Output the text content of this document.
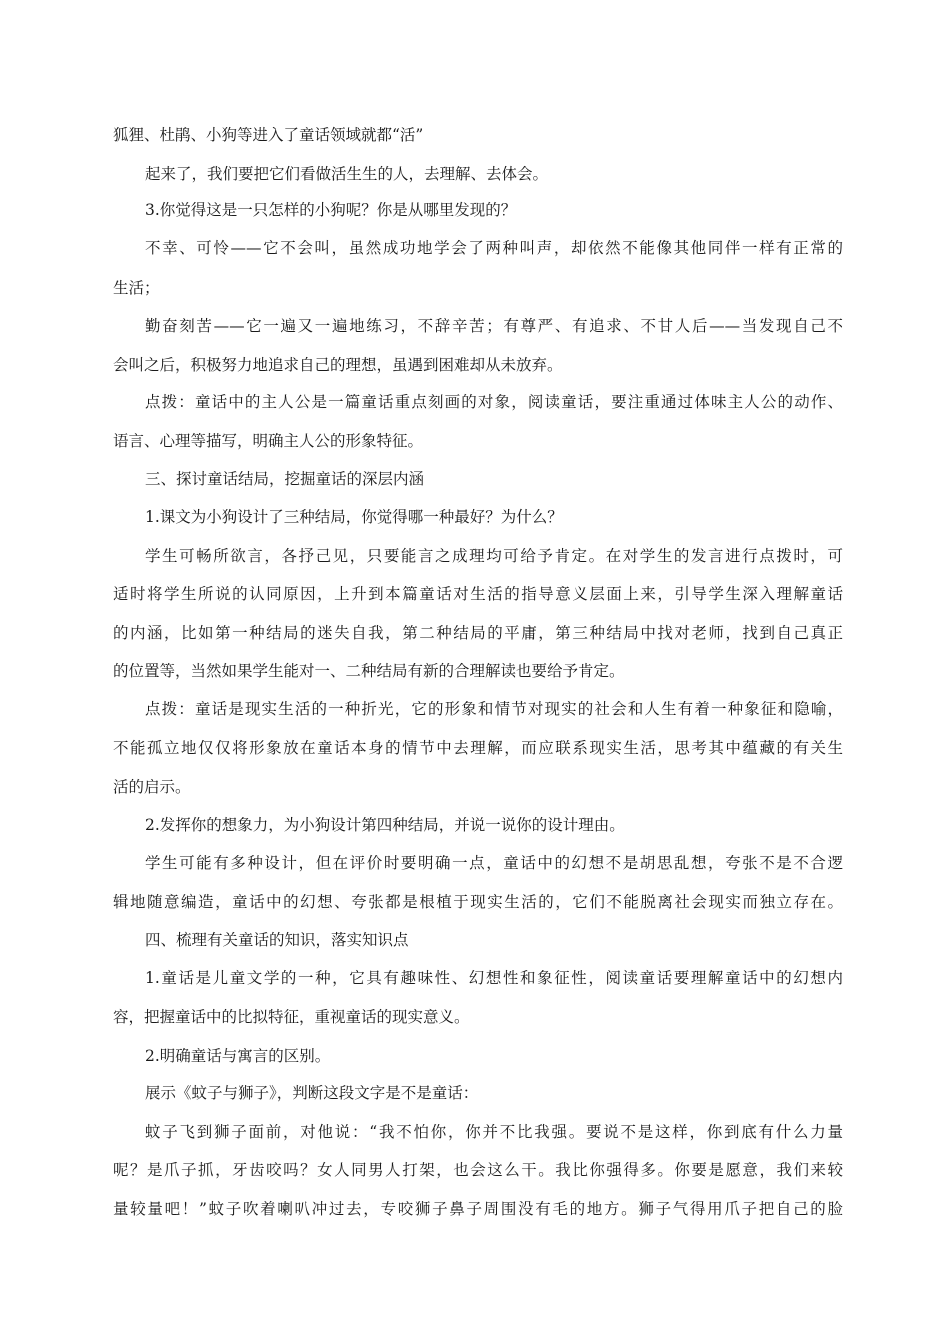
狐狸、杜鹃、小狗等进入了童话领域就都“活”
起来了，我们要把它们看做活生生的人，去理解、去体会。
3.你觉得这是一只怎样的小狗呢？你是从哪里发现的？
不幸、可怜——它不会叫，虽然成功地学会了两种叫声，却依然不能像其他同伴一样有正常的
生活；
勤奋刻苦——它一遍又一遍地练习，不辞辛苦；有尊严、有追求、不甘人后——当发现自己不
会叫之后，积极努力地追求自己的理想，虽遇到困难却从未放弃。
点拨：童话中的主人公是一篇童话重点刻画的对象，阅读童话，要注重通过体味主人公的动作、
语言、心理等描写，明确主人公的形象特征。
三、探讨童话结局，挖掘童话的深层内涵
1.课文为小狗设计了三种结局，你觉得哪一种最好？为什么？
学生可畅所欲言，各抒己见，只要能言之成理均可给予肯定。在对学生的发言进行点拨时，可
适时将学生所说的认同原因，上升到本篇童话对生活的指导意义层面上来，引导学生深入理解童话
的内涵，比如第一种结局的迷失自我，第二种结局的平庸，第三种结局中找对老师，找到自己真正
的位置等，当然如果学生能对一、二种结局有新的合理解读也要给予肯定。
点拨：童话是现实生活的一种折光，它的形象和情节对现实的社会和人生有着一种象征和隐喻，
不能孤立地仅仅将形象放在童话本身的情节中去理解，而应联系现实生活，思考其中蕴藏的有关生
活的启示。
2.发挥你的想象力，为小狗设计第四种结局，并说一说你的设计理由。
学生可能有多种设计，但在评价时要明确一点，童话中的幻想不是胡思乱想，夸张不是不合逻
辑地随意编造，童话中的幻想、夸张都是根植于现实生活的，它们不能脱离社会现实而独立存在。
四、梳理有关童话的知识，落实知识点
1.童话是儿童文学的一种，它具有趣味性、幻想性和象征性，阅读童话要理解童话中的幻想内
容，把握童话中的比拟特征，重视童话的现实意义。
2.明确童话与寓言的区别。
展示《蚊子与狮子》，判断这段文字是不是童话：
蚊子飞到狮子面前，对他说：“我不怕你，你并不比我强。要说不是这样，你到底有什么力量
呢？是爪子抓，牙齿咬吗？女人同男人打架，也会这么干。我比你强得多。你要是愿意，我们来较
量较量吧！”蚊子吹着喇叭冲过去，专咬狮子鼻子周围没有毛的地方。狮子气得用爪子把自己的脸
